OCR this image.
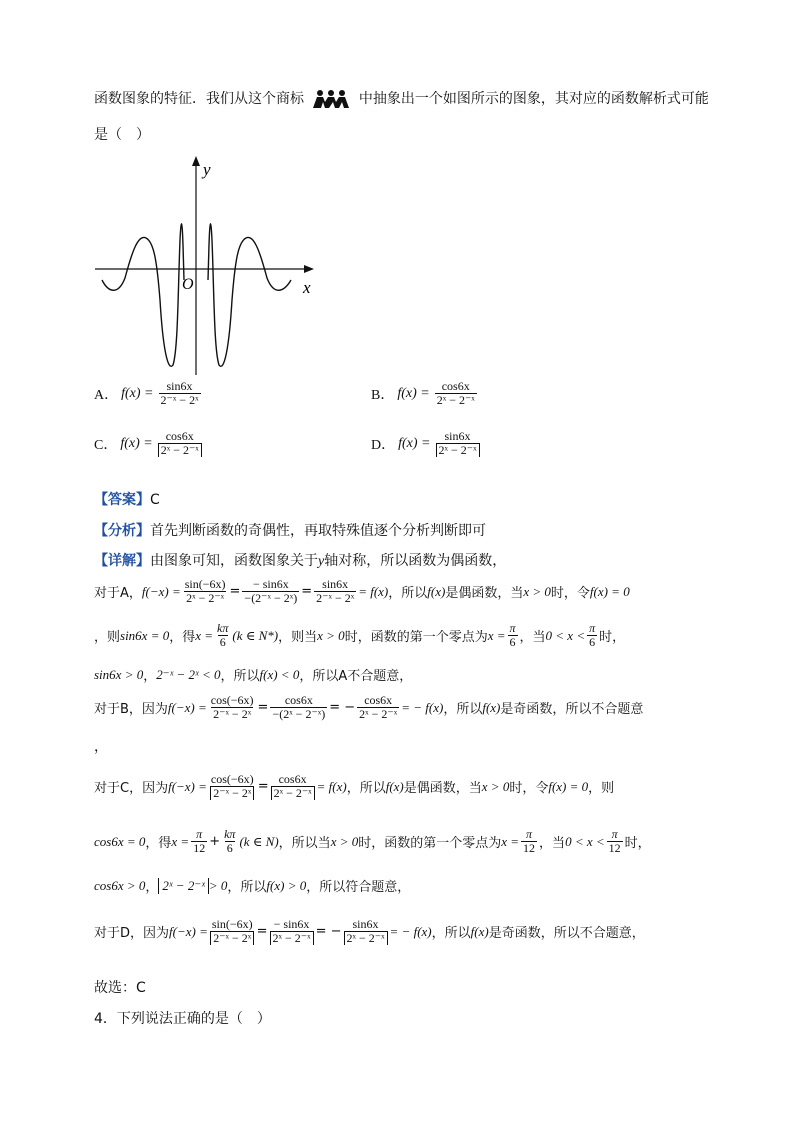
函数图象的特征．我们从这个商标	中抽象出一个如图所示的图象，其对应的函数解析式可能
是（　）
y
x
O
A． $f(x) = \frac{\sin 6x}{\text{2⁻ˣ − 2ˣ}}$	B． $f(x) = \frac{\cos 6x}{\text{2ˣ − 2⁻ˣ}}$
C． $f(x) = \frac{\cos 6x}{\text{2ˣ − 2⁻ˣ}}$	D． $f(x) = \frac{\sin 6x}{\text{2ˣ − 2⁻ˣ}}$
【答案】C
【分析】首先判断函数的奇偶性，再取特殊值逐个分析判断即可
【详解】由图象可知，函数图象关于y轴对称，所以函数为偶函数，
对于A， $f(-x) = \frac{\sin(-6x)}{\text{2ˣ − 2⁻ˣ}} = \frac{- \sin 6x}{\text{−(2⁻ˣ − 2ˣ)}} = \frac{\sin 6x}{\text{2⁻ˣ − 2ˣ}} = f(x)$ ，所以 f(x) 是偶函数，当 x > 0 时，令 f(x) = 0
，则 sin6x = 0 ，得 $x = \frac{k\pi}{6} (k$ ∈ N*) ，则当 x > 0 时，函数的第一个零点为 $x = \frac{\pi}{6}$ ，当 $0 < x < \frac{\pi}{6}$ 时，
sin6x > 0 ， 2⁻ˣ − 2ˣ < 0 ，所以 f(x) < 0 ，所以A不合题意，
对于B，因为 $f(-x) = \frac{\cos(-6x)}{\text{2⁻ˣ − 2ˣ}} = \frac{\cos 6x}{\text{−(2ˣ − 2⁻ˣ)}}$ = − $\frac{\cos 6x}{\text{2ˣ − 2⁻ˣ}}$ = − f(x) ，所以 f(x) 是奇函数，所以不合题意
，
对于C，因为 $f(-x) = \frac{\cos(-6x)}{\text{2⁻ˣ − 2ˣ}} = \frac{\cos 6x}{\text{2ˣ − 2⁻ˣ}} = f(x)$ ，所以 f(x) 是偶函数，当 x > 0 时，令 f(x) = 0 ，则
cos6x = 0 ，得 $x = \frac{\pi}{12} + \frac{k\pi}{6} (k$ ∈ N) ，所以当 x > 0 时，函数的第一个零点为 $x = \frac{\pi}{12}$ ，当 $0 < x < \frac{\pi}{12}$ 时，
cos6x > 0 ， 2ˣ − 2⁻ˣ > 0 ，所以 f(x) > 0 ，所以符合题意，
对于D，因为 $f(-x) = \frac{\sin(-6x)}{\text{2⁻ˣ − 2ˣ}} = \frac{- \sin 6x}{\text{2ˣ − 2⁻ˣ}}$ = − $\frac{\sin 6x}{\text{2ˣ − 2⁻ˣ}}$ = − f(x) ，所以 f(x) 是奇函数，所以不合题意，
故选：C
4．下列说法正确的是（　）
